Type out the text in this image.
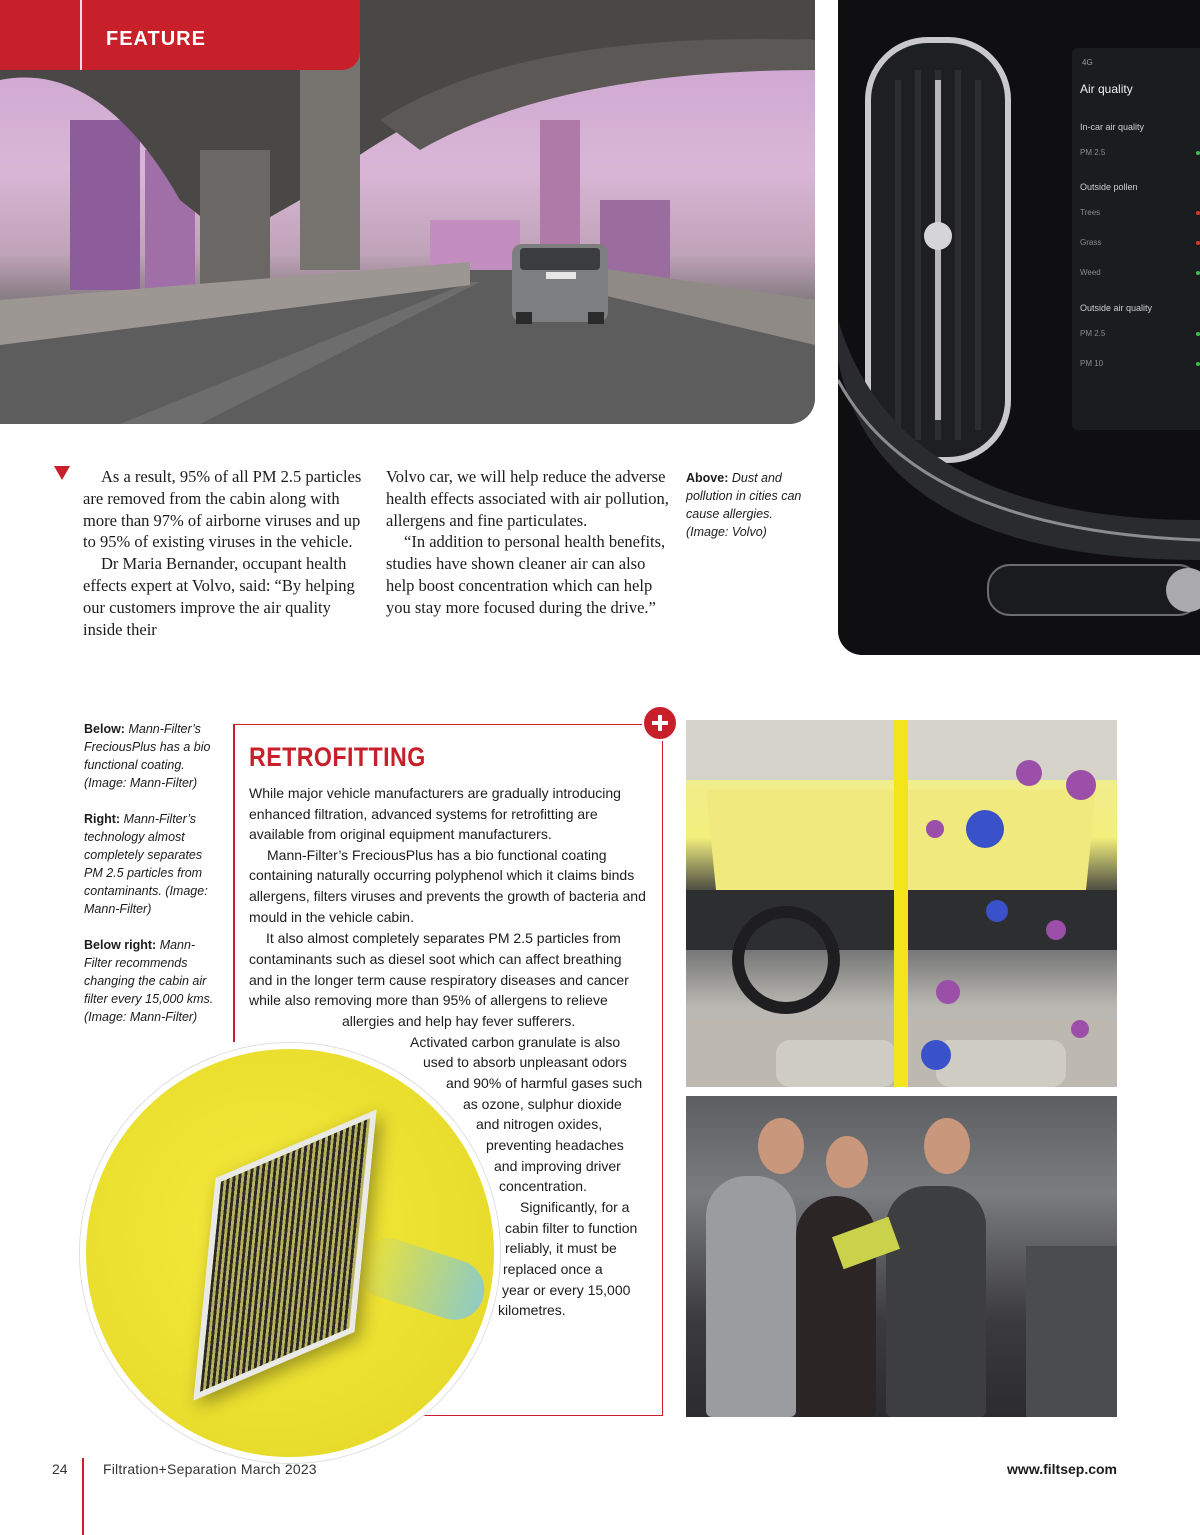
FEATURE
4G
Air quality
In-car air quality
PM 2.5
Outside pollen
Trees
Grass
Weed
Outside air quality
PM 2.5
PM 10

As a result, 95% of all PM 2.5 particles are removed from the cabin along with more than 97% of airborne viruses and up to 95% of existing viruses in the vehicle.

Dr Maria Bernander, occupant health effects expert at Volvo, said: “By helping our customers improve the air quality inside their

Volvo car, we will help reduce the adverse health effects associated with air pollution, allergens and fine particulates.

“In addition to personal health benefits, studies have shown cleaner air can also help boost concentration which can help you stay more focused during the drive.”

Above: Dust and pollution in cities can cause allergies. (Image: Volvo)
Below: Mann-Filter’s FreciousPlus has a bio functional coating. (Image: Mann-Filter)
Right: Mann-Filter’s technology almost completely separates PM 2.5 particles from contaminants. (Image: Mann-Filter)
Below right: Mann-Filter recommends changing the cabin air filter every 15,000 kms. (Image: Mann-Filter)
RETROFITTING

While major vehicle manufacturers are gradually introducing enhanced filtration, advanced systems for retrofitting are available from original equipment manufacturers.

Mann-Filter’s FreciousPlus has a bio functional coating containing naturally occurring polyphenol which it claims binds allergens, filters viruses and prevents the growth of bacteria and mould in the vehicle cabin.

It also almost completely separates PM 2.5 particles from
contaminants such as diesel soot which can affect breathing
and in the longer term cause respiratory diseases and cancer
while also removing more than 95% of allergens to relieve
allergies and help hay fever sufferers.
Activated carbon granulate is also
used to absorb unpleasant odors
and 90% of harmful gases such
as ozone, sulphur dioxide
and nitrogen oxides,
preventing headaches
and improving driver
concentration.
Significantly, for a
cabin filter to function
reliably, it must be
replaced once a
year or every 15,000
kilometres.
24	Filtration+Separation March 2023	www.filtsep.com
